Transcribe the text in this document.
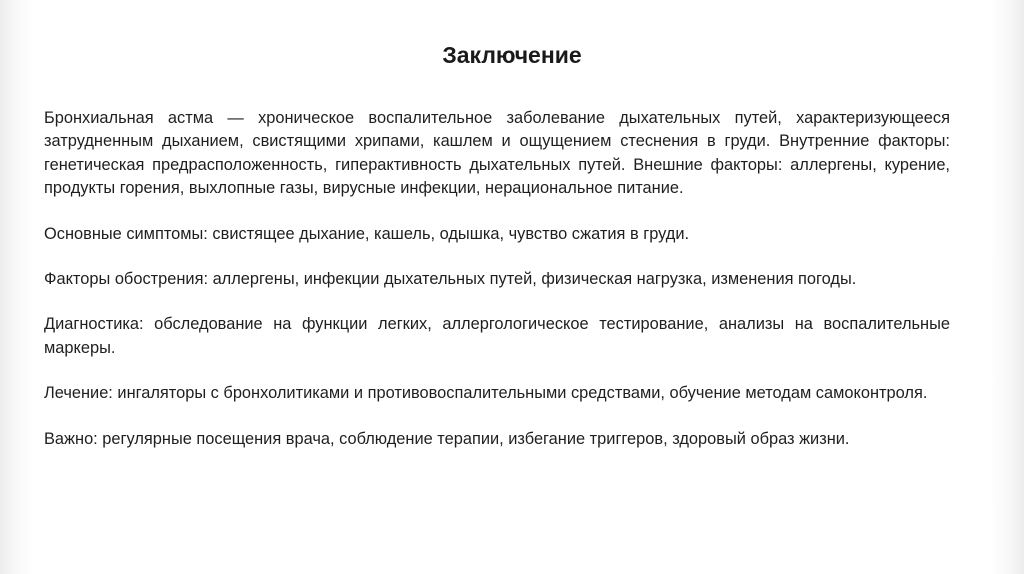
Заключение

Бронхиальная астма — хроническое воспалительное заболевание дыхательных путей, характеризующееся затрудненным дыханием, свистящими хрипами, кашлем и ощущением стеснения в груди. Внутренние факторы: генетическая предрасположенность, гиперактивность дыхательных путей. Внешние факторы: аллергены, курение, продукты горения, выхлопные газы, вирусные инфекции, нерациональное питание.

Основные симптомы: свистящее дыхание, кашель, одышка, чувство сжатия в груди.

Факторы обострения: аллергены, инфекции дыхательных путей, физическая нагрузка, изменения погоды.

Диагностика: обследование на функции легких, аллергологическое тестирование, анализы на воспалительные маркеры.

Лечение: ингаляторы с бронхолитиками и противовоспалительными средствами, обучение методам самоконтроля.

Важно: регулярные посещения врача, соблюдение терапии, избегание триггеров, здоровый образ жизни.
